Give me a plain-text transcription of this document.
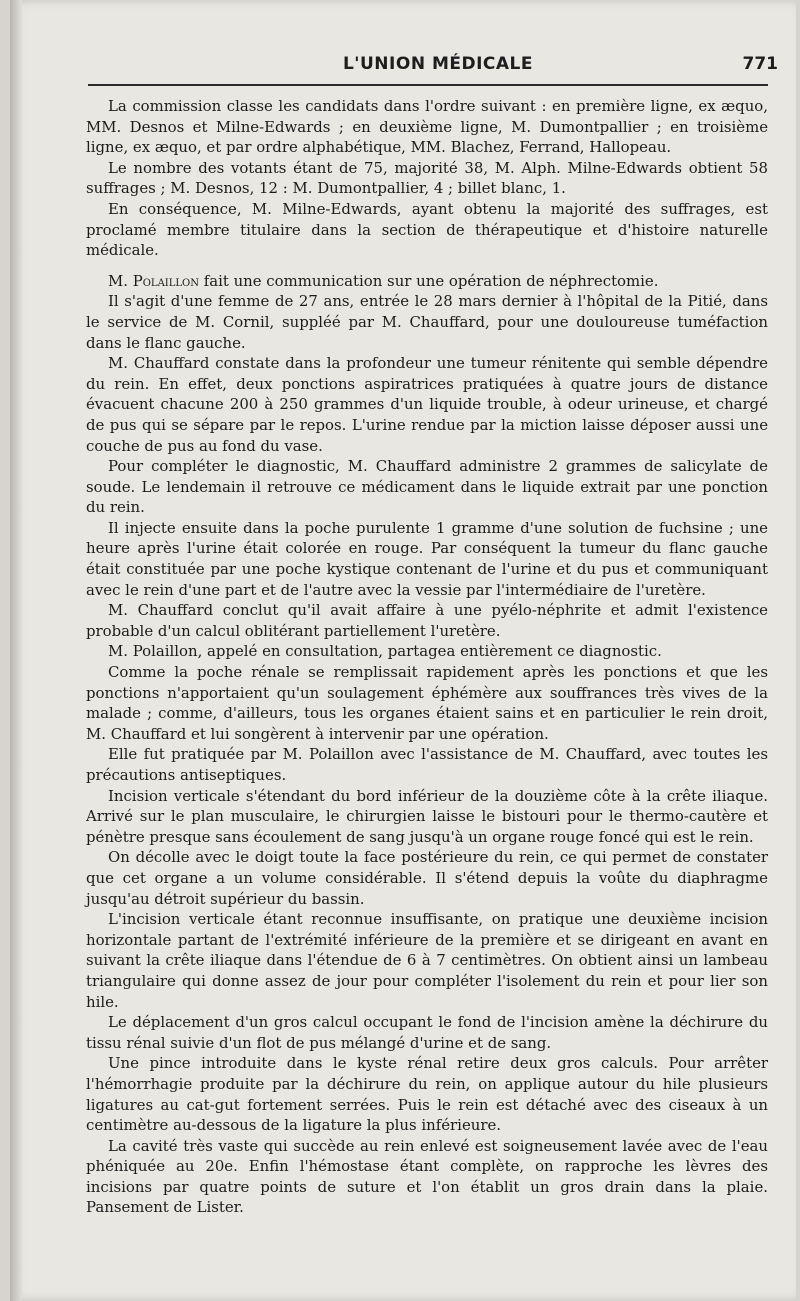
L'UNION MÉDICALE	771

La commission classe les candidats dans l'ordre suivant : en première ligne, ex æquo, MM. Desnos et Milne-Edwards ; en deuxième ligne, M. Dumontpallier ; en troisième ligne, ex æquo, et par ordre alphabétique, MM. Blachez, Ferrand, Hallopeau.

Le nombre des votants étant de 75, majorité 38, M. Alph. Milne-Edwards obtient 58 suffrages ; M. Desnos, 12 : M. Dumontpallier, 4 ; billet blanc, 1.

En conséquence, M. Milne-Edwards, ayant obtenu la majorité des suffrages, est proclamé membre titulaire dans la section de thérapeutique et d'histoire naturelle médicale.

M. Polaillon fait une communication sur une opération de néphrectomie.

Il s'agit d'une femme de 27 ans, entrée le 28 mars dernier à l'hôpital de la Pitié, dans le service de M. Cornil, suppléé par M. Chauffard, pour une douloureuse tuméfaction dans le flanc gauche.

M. Chauffard constate dans la profondeur une tumeur rénitente qui semble dépendre du rein. En effet, deux ponctions aspiratrices pratiquées à quatre jours de distance évacuent chacune 200 à 250 grammes d'un liquide trouble, à odeur urineuse, et chargé de pus qui se sépare par le repos. L'urine rendue par la miction laisse déposer aussi une couche de pus au fond du vase.

Pour compléter le diagnostic, M. Chauffard administre 2 grammes de salicylate de soude. Le lendemain il retrouve ce médicament dans le liquide extrait par une ponction du rein.

Il injecte ensuite dans la poche purulente 1 gramme d'une solution de fuchsine ; une heure après l'urine était colorée en rouge. Par conséquent la tumeur du flanc gauche était constituée par une poche kystique contenant de l'urine et du pus et communiquant avec le rein d'une part et de l'autre avec la vessie par l'intermédiaire de l'uretère.

M. Chauffard conclut qu'il avait affaire à une pyélo-néphrite et admit l'existence probable d'un calcul oblitérant partiellement l'uretère.

M. Polaillon, appelé en consultation, partagea entièrement ce diagnostic.

Comme la poche rénale se remplissait rapidement après les ponctions et que les ponctions n'apportaient qu'un soulagement éphémère aux souffrances très vives de la malade ; comme, d'ailleurs, tous les organes étaient sains et en particulier le rein droit, M. Chauffard et lui songèrent à intervenir par une opération.

Elle fut pratiquée par M. Polaillon avec l'assistance de M. Chauffard, avec toutes les précautions antiseptiques.

Incision verticale s'étendant du bord inférieur de la douzième côte à la crête iliaque. Arrivé sur le plan musculaire, le chirurgien laisse le bistouri pour le thermo-cautère et pénètre presque sans écoulement de sang jusqu'à un organe rouge foncé qui est le rein.

On décolle avec le doigt toute la face postérieure du rein, ce qui permet de constater que cet organe a un volume considérable. Il s'étend depuis la voûte du diaphragme jusqu'au détroit supérieur du bassin.

L'incision verticale étant reconnue insuffisante, on pratique une deuxième incision horizontale partant de l'extrémité inférieure de la première et se dirigeant en avant en suivant la crête iliaque dans l'étendue de 6 à 7 centimètres. On obtient ainsi un lambeau triangulaire qui donne assez de jour pour compléter l'isolement du rein et pour lier son hile.

Le déplacement d'un gros calcul occupant le fond de l'incision amène la déchirure du tissu rénal suivie d'un flot de pus mélangé d'urine et de sang.

Une pince introduite dans le kyste rénal retire deux gros calculs. Pour arrêter l'hémorrhagie produite par la déchirure du rein, on applique autour du hile plusieurs ligatures au cat-gut fortement serrées. Puis le rein est détaché avec des ciseaux à un centimètre au-dessous de la ligature la plus inférieure.

La cavité très vaste qui succède au rein enlevé est soigneusement lavée avec de l'eau phéniquée au 20e. Enfin l'hémostase étant complète, on rapproche les lèvres des incisions par quatre points de suture et l'on établit un gros drain dans la plaie. Pansement de Lister.
